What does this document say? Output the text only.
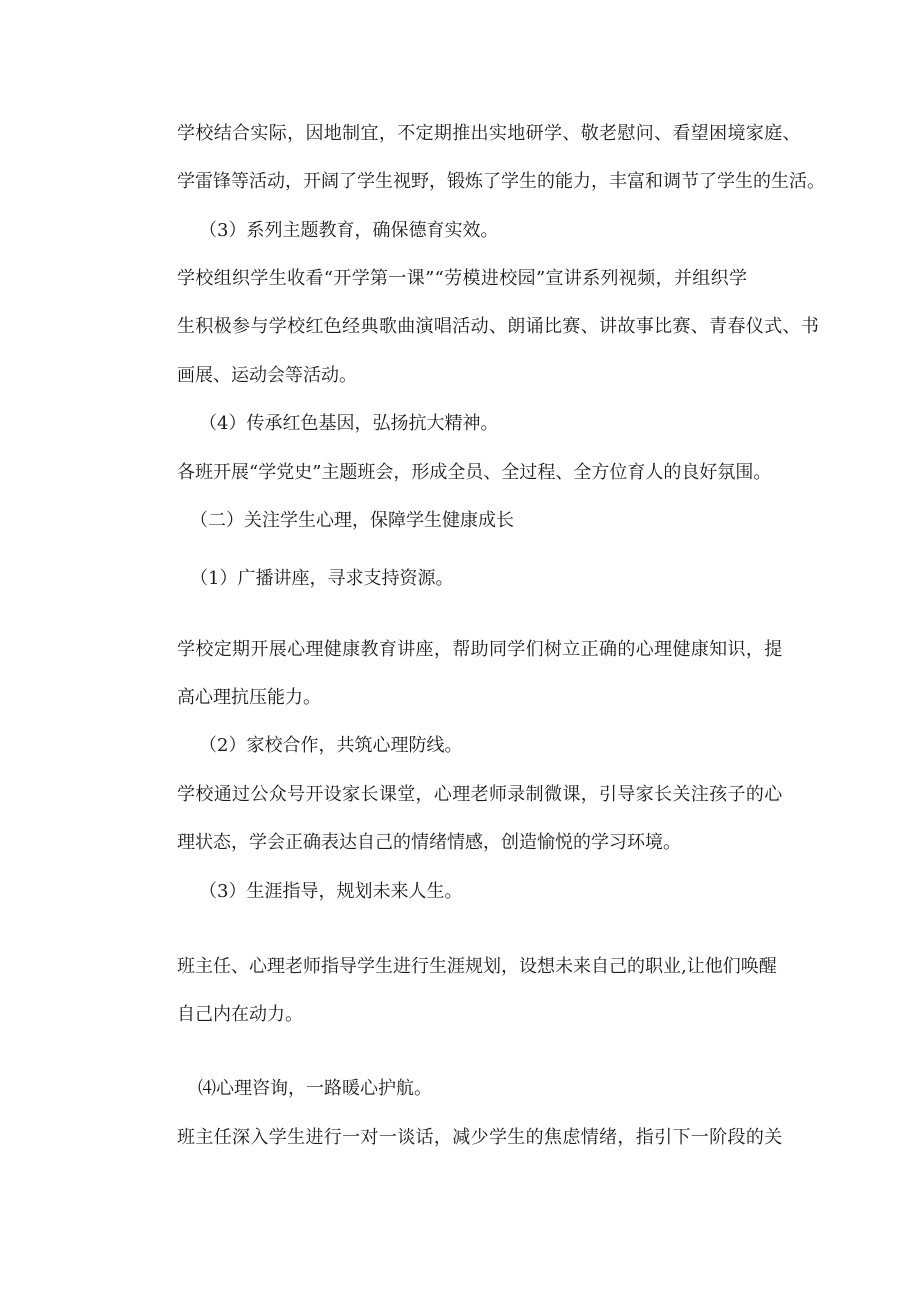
学校结合实际，因地制宜，不定期推出实地研学、敬老慰问、看望困境家庭、
学雷锋等活动，开阔了学生视野，锻炼了学生的能力，丰富和调节了学生的生活。
（3）系列主题教育，确保德育实效。
学校组织学生收看“开学第一课”“劳模进校园”宣讲系列视频，并组织学
生积极参与学校红色经典歌曲演唱活动、朗诵比赛、讲故事比赛、青春仪式、书
画展、运动会等活动。
（4）传承红色基因，弘扬抗大精神。
各班开展“学党史”主题班会，形成全员、全过程、全方位育人的良好氛围。
（二）关注学生心理，保障学生健康成长
（1）广播讲座，寻求支持资源。
学校定期开展心理健康教育讲座，帮助同学们树立正确的心理健康知识，提
高心理抗压能力。
（2）家校合作，共筑心理防线。
学校通过公众号开设家长课堂，心理老师录制微课，引导家长关注孩子的心
理状态，学会正确表达自己的情绪情感，创造愉悦的学习环境。
（3）生涯指导，规划未来人生。
班主任、心理老师指导学生进行生涯规划，设想未来自己的职业,让他们唤醒
自己内在动力。
⑷心理咨询，一路暖心护航。
班主任深入学生进行一对一谈话，减少学生的焦虑情绪，指引下一阶段的关
